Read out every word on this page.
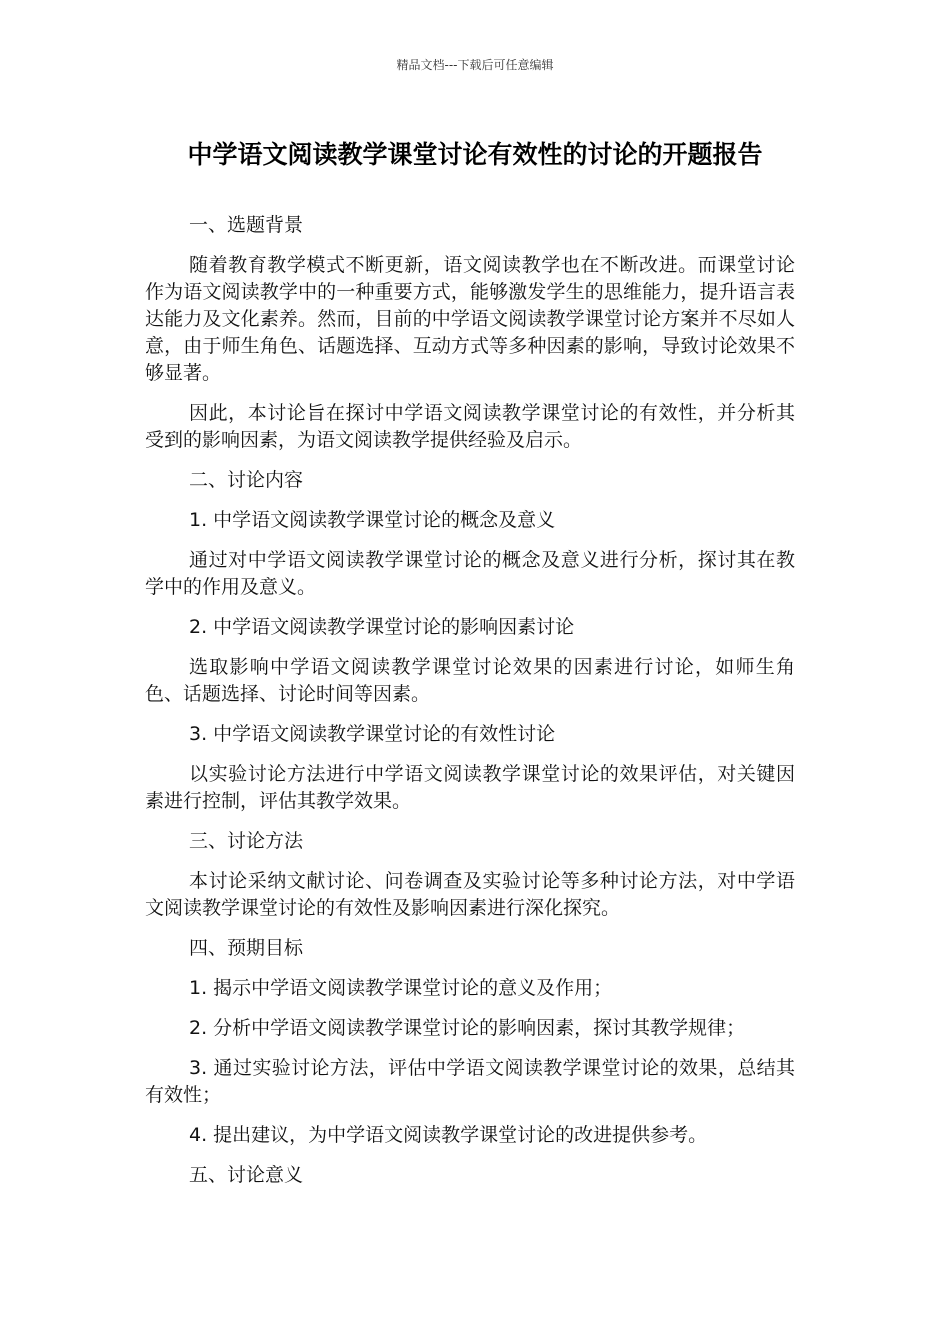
精品文档---下载后可任意编辑
中学语文阅读教学课堂讨论有效性的讨论的开题报告

一、选题背景

随着教育教学模式不断更新，语文阅读教学也在不断改进。而课堂讨论作为语文阅读教学中的一种重要方式，能够激发学生的思维能力，提升语言表达能力及文化素养。然而，目前的中学语文阅读教学课堂讨论方案并不尽如人意，由于师生角色、话题选择、互动方式等多种因素的影响，导致讨论效果不够显著。

因此，本讨论旨在探讨中学语文阅读教学课堂讨论的有效性，并分析其受到的影响因素，为语文阅读教学提供经验及启示。

二、讨论内容

1. 中学语文阅读教学课堂讨论的概念及意义

通过对中学语文阅读教学课堂讨论的概念及意义进行分析，探讨其在教学中的作用及意义。

2. 中学语文阅读教学课堂讨论的影响因素讨论

选取影响中学语文阅读教学课堂讨论效果的因素进行讨论，如师生角色、话题选择、讨论时间等因素。

3. 中学语文阅读教学课堂讨论的有效性讨论

以实验讨论方法进行中学语文阅读教学课堂讨论的效果评估，对关键因素进行控制，评估其教学效果。

三、讨论方法

本讨论采纳文献讨论、问卷调查及实验讨论等多种讨论方法，对中学语文阅读教学课堂讨论的有效性及影响因素进行深化探究。

四、预期目标

1. 揭示中学语文阅读教学课堂讨论的意义及作用；

2. 分析中学语文阅读教学课堂讨论的影响因素，探讨其教学规律；

3. 通过实验讨论方法，评估中学语文阅读教学课堂讨论的效果，总结其有效性；

4. 提出建议，为中学语文阅读教学课堂讨论的改进提供参考。

五、讨论意义
